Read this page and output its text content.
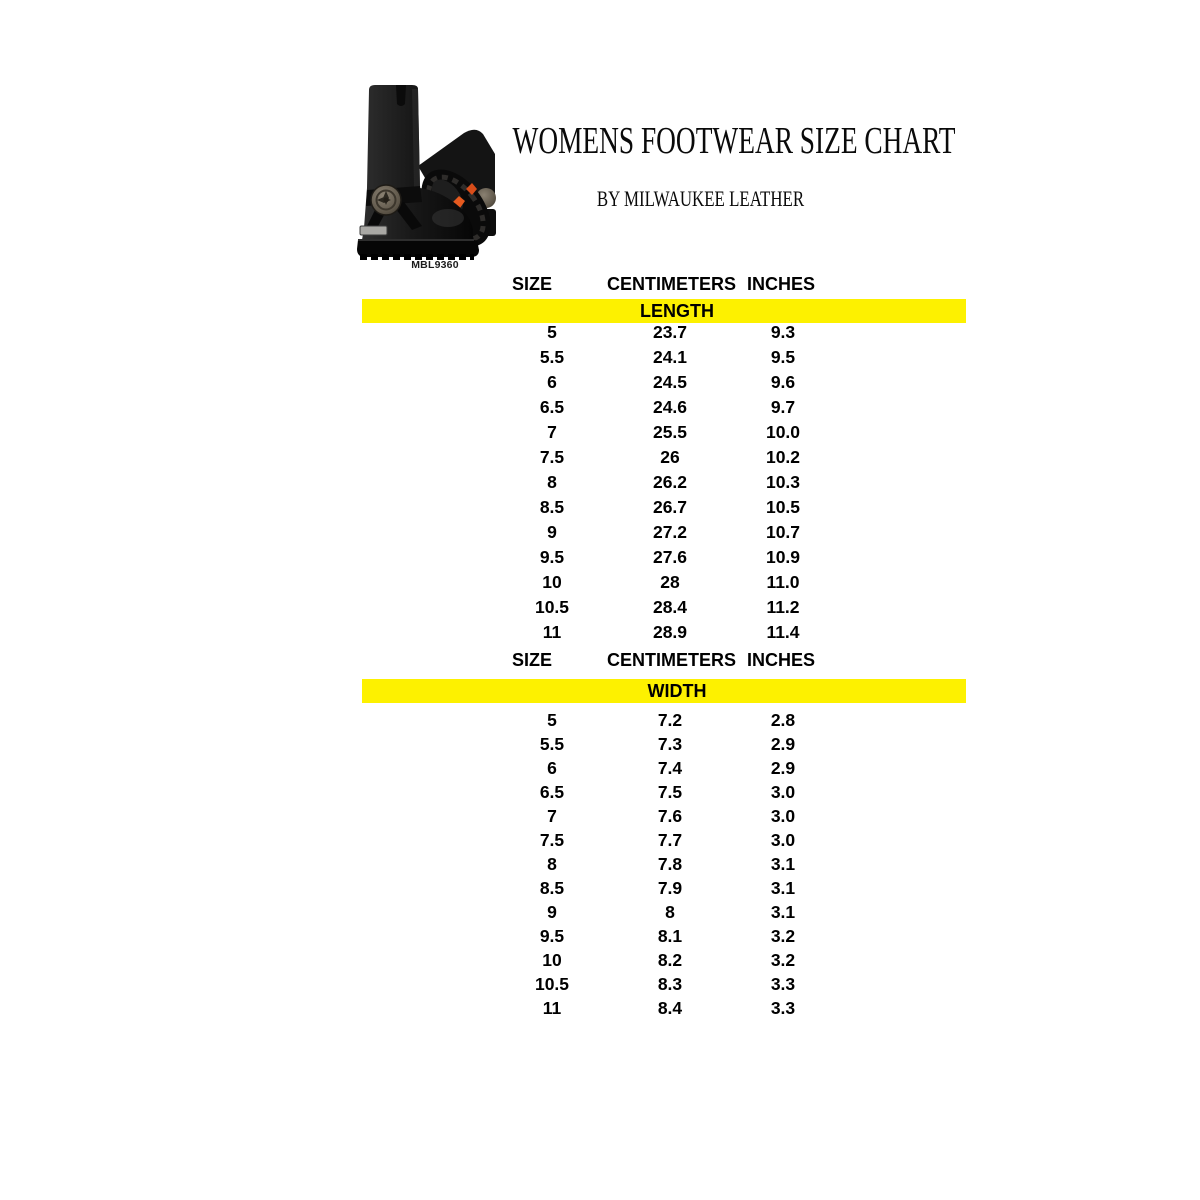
MBL9360
WOMENS FOOTWEAR SIZE CHART
BY MILWAUKEE LEATHER
SIZE	CENTIMETERS INCHES
LENGTH
5	23.7	9.3
5.5	24.1	9.5
6	24.5	9.6
6.5	24.6	9.7
7	25.5	10.0
7.5	26	10.2
8	26.2	10.3
8.5	26.7	10.5
9	27.2	10.7
9.5	27.6	10.9
10	28	11.0
10.5	28.4	11.2
11	28.9	11.4
SIZE	CENTIMETERS INCHES
WIDTH
5	7.2	2.8
5.5	7.3	2.9
6	7.4	2.9
6.5	7.5	3.0
7	7.6	3.0
7.5	7.7	3.0
8	7.8	3.1
8.5	7.9	3.1
9	8	3.1
9.5	8.1	3.2
10	8.2	3.2
10.5	8.3	3.3
11	8.4	3.3
